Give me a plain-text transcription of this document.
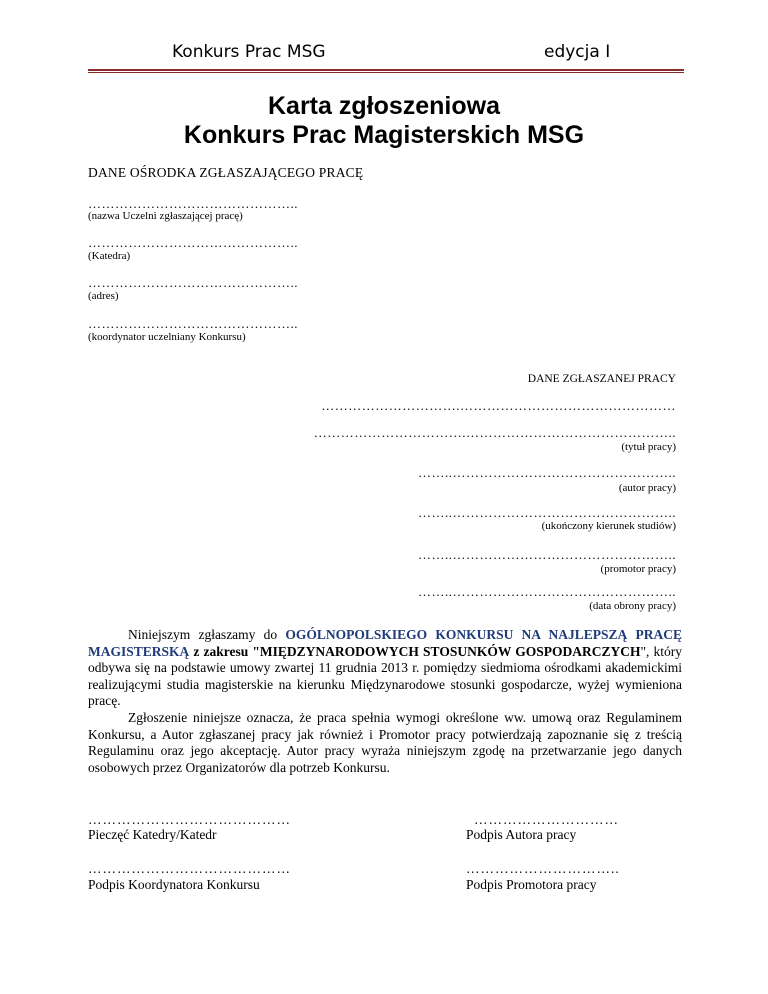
Konkurs Prac MSG	edycja I
Karta zgłoszeniowa
Konkurs Prac Magisterskich MSG
DANE OŚRODKA ZGŁASZAJĄCEGO PRACĘ
………………………………………..
(nazwa Uczelni zgłaszającej pracę)
………………………………………..
(Katedra)
………………………………………..
(adres)
………………………………………..
(koordynator uczelniany Konkursu)
DANE ZGŁASZANEJ PRACY
………………………….…………………………………………
…………………………….………………………………………..
(tytuł pracy)
……..…………………………………………..
(autor pracy)
……..…………………………………………..
(ukończony kierunek studiów)
……..…………………………………………..
(promotor pracy)
……..…………………………………………..
(data obrony pracy)

Niniejszym zgłaszamy do OGÓLNOPOLSKIEGO KONKURSU NA NAJLEPSZĄ PRACĘ MAGISTERSKĄ z zakresu "MIĘDZYNARODOWYCH STOSUNKÓW GOSPODARCZYCH", który odbywa się na podstawie umowy zwartej 11 grudnia 2013 r. pomiędzy siedmioma ośrodkami akademickimi realizującymi studia magisterskie na kierunku Międzynarodowe stosunki gospodarcze, wyżej wymieniona pracę.

Zgłoszenie niniejsze oznacza, że praca spełnia wymogi określone ww. umową oraz Regulaminem Konkursu, a Autor zgłaszanej pracy jak również i Promotor pracy potwierdzają zapoznanie się z treścią Regulaminu oraz jego akceptację. Autor pracy wyraża niniejszym zgodę na przetwarzanie jego danych osobowych przez Organizatorów dla potrzeb Konkursu.

……………………………………
Pieczęć Katedry/Katedr
…………………………
Podpis Autora pracy
……………………………………
Podpis Koordynatora Konkursu
…………………………..
Podpis Promotora pracy
